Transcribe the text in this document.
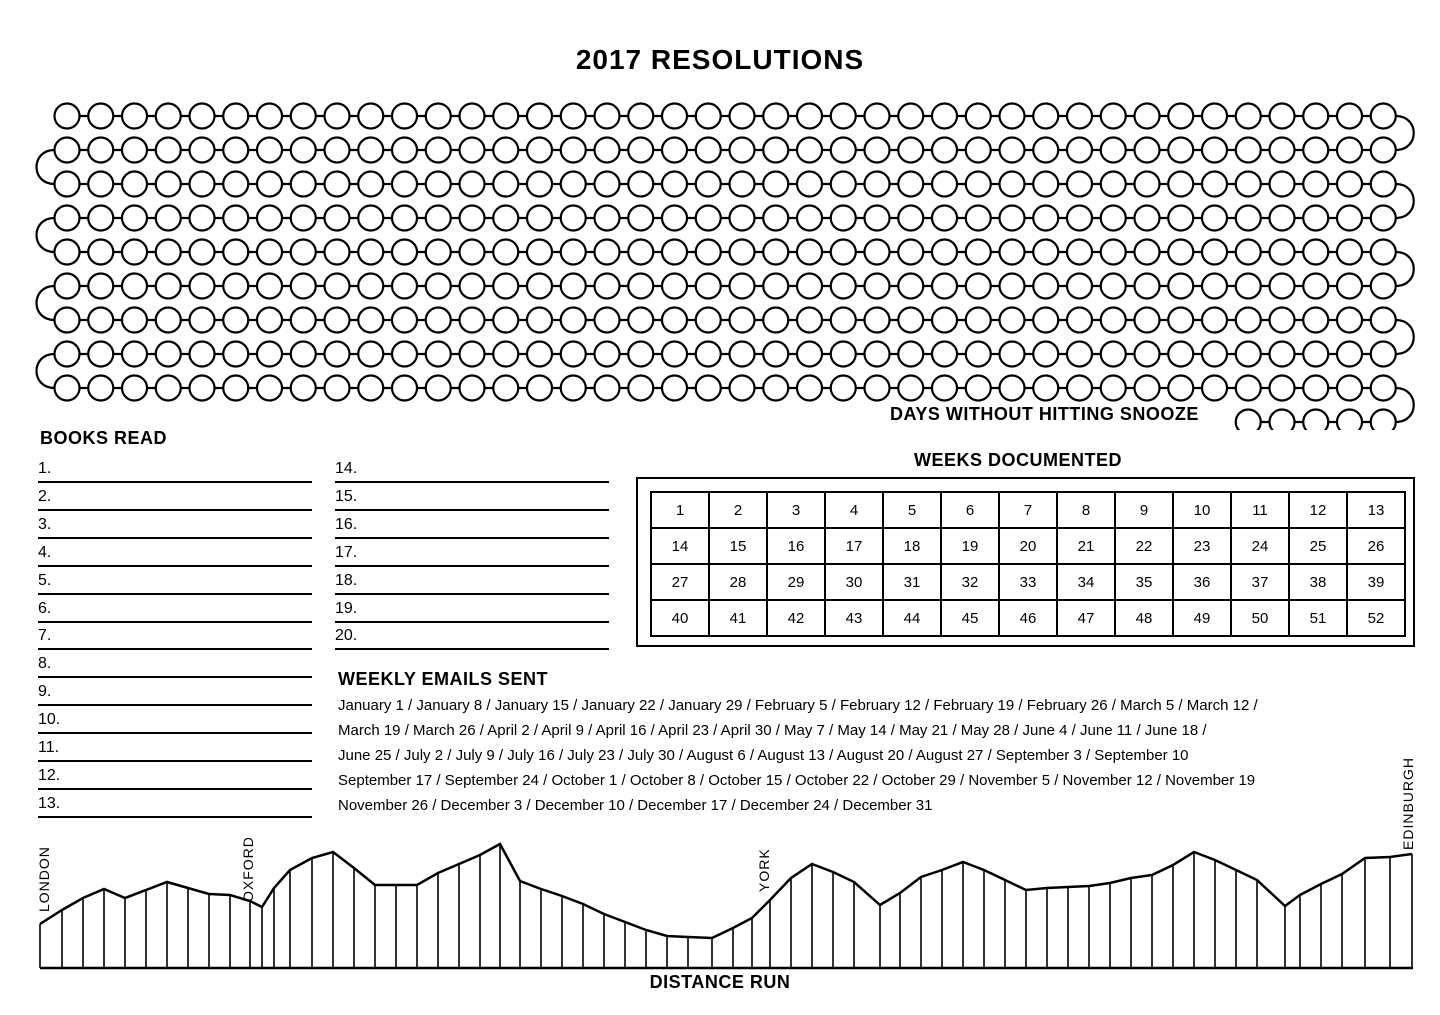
2017 RESOLUTIONS
DAYS WITHOUT HITTING SNOOZE
BOOKS READ
1.
2.
3.
4.
5.
6.
7.
8.
9.
10.
11.
12.
13.
14.
15.
16.
17.
18.
19.
20.
WEEKS DOCUMENTED
1	2	3	4	5	6	7	8	9	10	11	12	13
14	15	16	17	18	19	20	21	22	23	24	25	26
27	28	29	30	31	32	33	34	35	36	37	38	39
40	41	42	43	44	45	46	47	48	49	50	51	52
WEEKLY EMAILS SENT
January 1 / January 8 / January 15 / January 22 / January 29 / February 5 / February 12 / February 19 / February 26 / March 5 / March 12 /
March 19 / March 26 / April 2 / April 9 / April 16 / April 23 / April 30 / May 7 / May 14 / May 21 / May 28 / June 4 / June 11 / June 18 /
June 25 / July 2 / July 9 / July 16 / July 23 / July 30 / August 6 / August 13 / August 20 / August 27 / September 3 / September 10
September 17 / September 24 / October 1 / October 8 / October 15 / October 22 / October 29 / November 5 / November 12 / November 19
November 26 / December 3 / December 10 / December 17 / December 24 / December 31
LONDON	OXFORD	YORK
EDINBURGH
DISTANCE RUN
